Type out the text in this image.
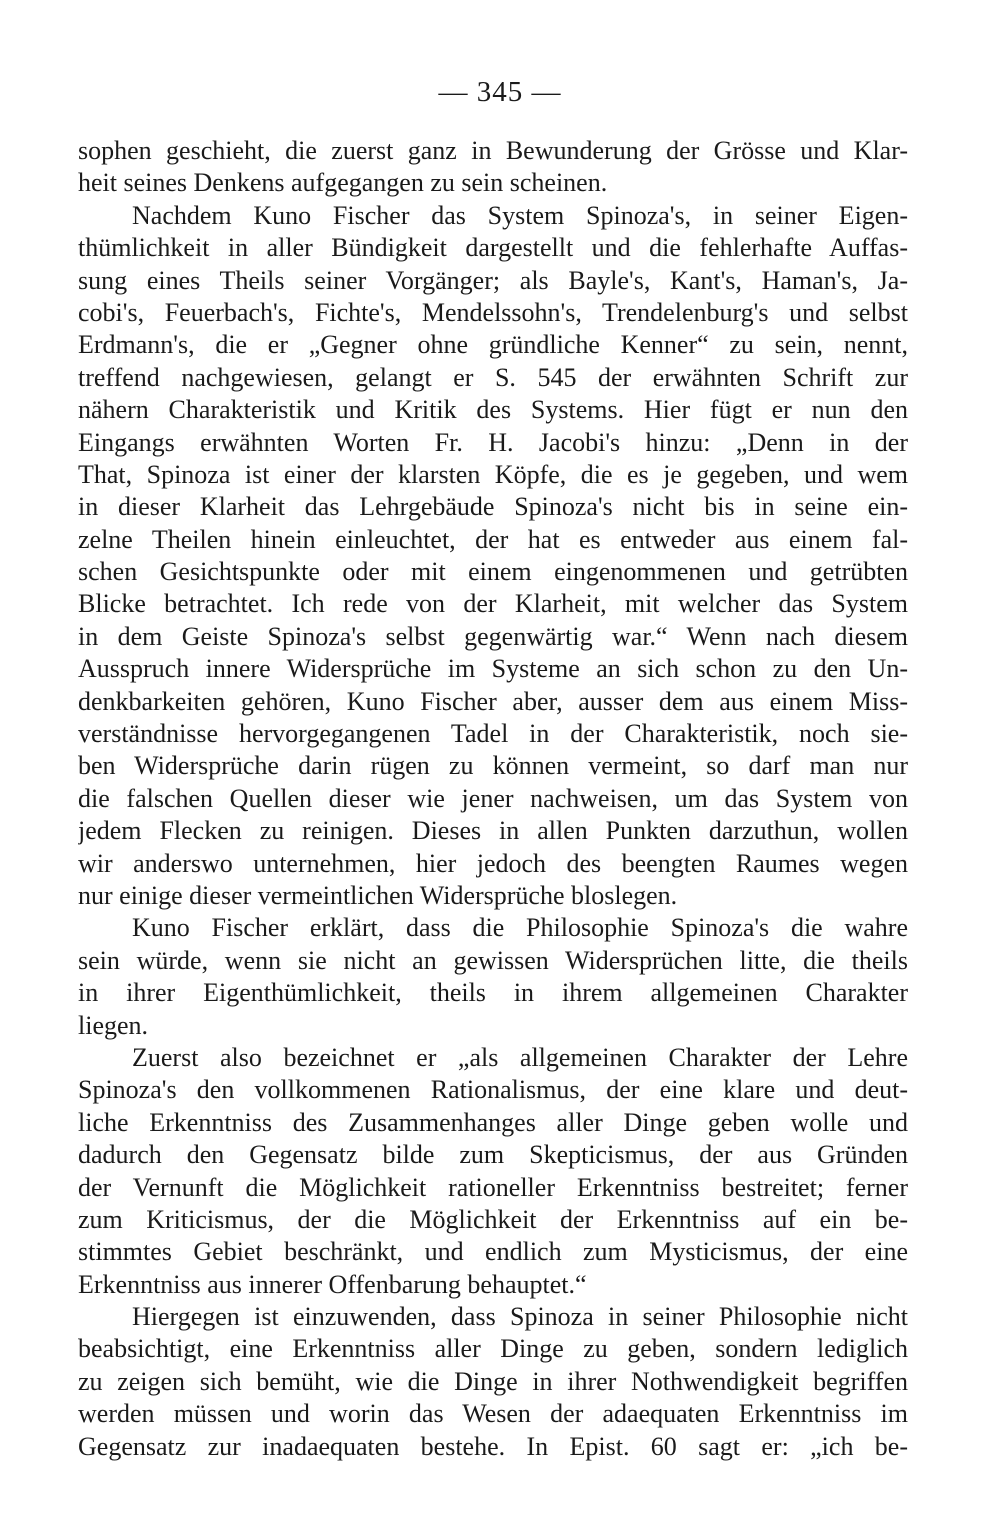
— 345 —
sophen geschieht, die zuerst ganz in Bewunderung der Grösse und Klar-
heit seines Denkens aufgegangen zu sein scheinen.
Nachdem Kuno Fischer das System Spinoza's, in seiner Eigen-
thümlichkeit in aller Bündigkeit dargestellt und die fehlerhafte Auffas-
sung eines Theils seiner Vorgänger; als Bayle's, Kant's, Haman's, Ja-
cobi's, Feuerbach's, Fichte's, Mendelssohn's, Trendelenburg's und selbst
Erdmann's, die er „Gegner ohne gründliche Kenner“ zu sein, nennt,
treffend nachgewiesen, gelangt er S. 545 der erwähnten Schrift zur
nähern Charakteristik und Kritik des Systems. Hier fügt er nun den
Eingangs erwähnten Worten Fr. H. Jacobi's hinzu: „Denn in der
That, Spinoza ist einer der klarsten Köpfe, die es je gegeben, und wem
in dieser Klarheit das Lehrgebäude Spinoza's nicht bis in seine ein-
zelne Theilen hinein einleuchtet, der hat es entweder aus einem fal-
schen Gesichtspunkte oder mit einem eingenommenen und getrübten
Blicke betrachtet. Ich rede von der Klarheit, mit welcher das System
in dem Geiste Spinoza's selbst gegenwärtig war.“ Wenn nach diesem
Ausspruch innere Widersprüche im Systeme an sich schon zu den Un-
denkbarkeiten gehören, Kuno Fischer aber, ausser dem aus einem Miss-
verständnisse hervorgegangenen Tadel in der Charakteristik, noch sie-
ben Widersprüche darin rügen zu können vermeint, so darf man nur
die falschen Quellen dieser wie jener nachweisen, um das System von
jedem Flecken zu reinigen. Dieses in allen Punkten darzuthun, wollen
wir anderswo unternehmen, hier jedoch des beengten Raumes wegen
nur einige dieser vermeintlichen Widersprüche bloslegen.
Kuno Fischer erklärt, dass die Philosophie Spinoza's die wahre
sein würde, wenn sie nicht an gewissen Widersprüchen litte, die theils
in ihrer Eigenthümlichkeit, theils in ihrem allgemeinen Charakter
liegen.
Zuerst also bezeichnet er „als allgemeinen Charakter der Lehre
Spinoza's den vollkommenen Rationalismus, der eine klare und deut-
liche Erkenntniss des Zusammenhanges aller Dinge geben wolle und
dadurch den Gegensatz bilde zum Skepticismus, der aus Gründen
der Vernunft die Möglichkeit rationeller Erkenntniss bestreitet; ferner
zum Kriticismus, der die Möglichkeit der Erkenntniss auf ein be-
stimmtes Gebiet beschränkt, und endlich zum Mysticismus, der eine
Erkenntniss aus innerer Offenbarung behauptet.“
Hiergegen ist einzuwenden, dass Spinoza in seiner Philosophie nicht
beabsichtigt, eine Erkenntniss aller Dinge zu geben, sondern lediglich
zu zeigen sich bemüht, wie die Dinge in ihrer Nothwendigkeit begriffen
werden müssen und worin das Wesen der adaequaten Erkenntniss im
Gegensatz zur inadaequaten bestehe. In Epist. 60 sagt er: „ich be-
